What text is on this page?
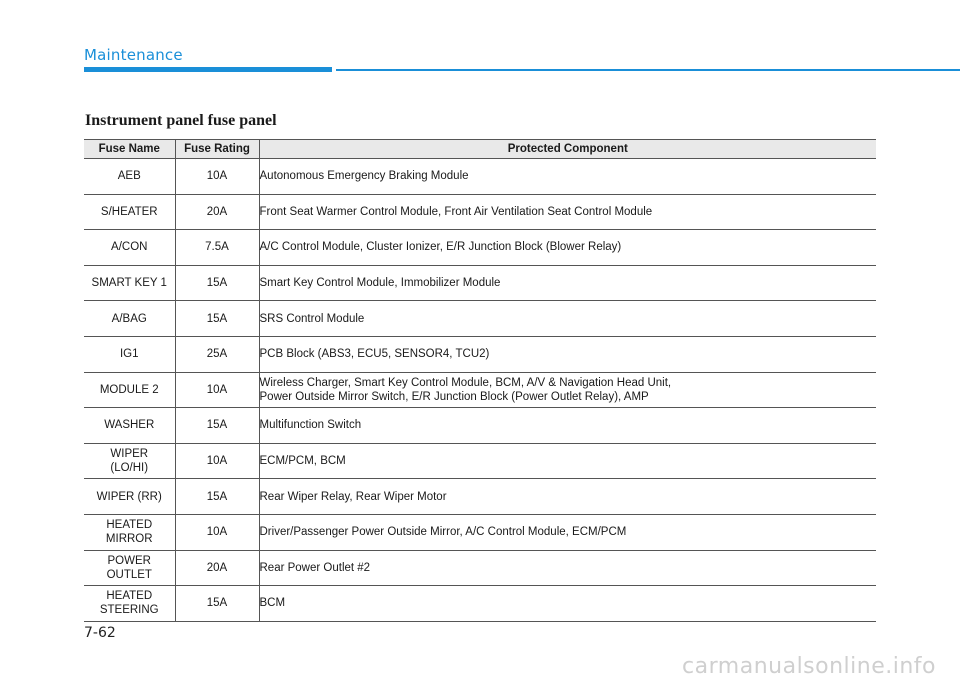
Maintenance
Instrument panel fuse panel
Fuse Name	Fuse Rating	Protected Component
AEB	10A	Autonomous Emergency Braking Module
S/HEATER	20A	Front Seat Warmer Control Module, Front Air Ventilation Seat Control Module
A/CON	7.5A	A/C Control Module, Cluster Ionizer, E/R Junction Block (Blower Relay)
SMART KEY 1	15A	Smart Key Control Module, Immobilizer Module
A/BAG	15A	SRS Control Module
IG1	25A	PCB Block (ABS3, ECU5, SENSOR4, TCU2)
MODULE 2	10A	Wireless Charger, Smart Key Control Module, BCM, A/V & Navigation Head Unit,
Power Outside Mirror Switch, E/R Junction Block (Power Outlet Relay), AMP
WASHER	15A	Multifunction Switch
WIPER
(LO/HI)	10A	ECM/PCM, BCM
WIPER (RR)	15A	Rear Wiper Relay, Rear Wiper Motor
HEATED
MIRROR	10A	Driver/Passenger Power Outside Mirror, A/C Control Module, ECM/PCM
POWER
OUTLET	20A	Rear Power Outlet #2
HEATED
STEERING	15A	BCM
7-62
carmanualsonline.info
